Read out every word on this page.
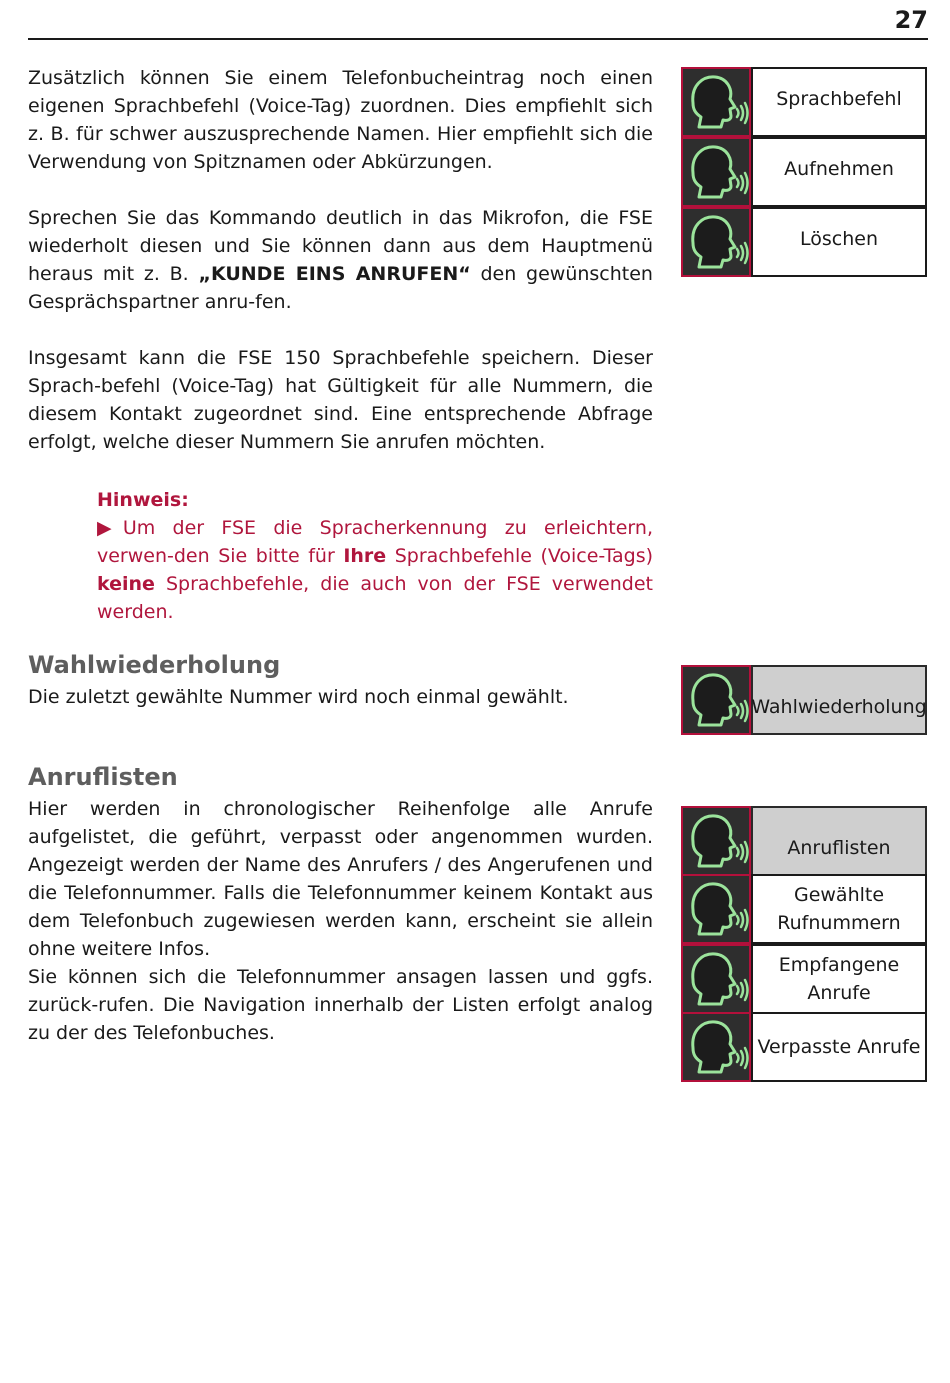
27

Zusätzlich können Sie einem Telefonbucheintrag noch einen eigenen Sprachbefehl (Voice-Tag) zuordnen. Dies empfiehlt sich z. B. für schwer auszusprechende Namen. Hier empfiehlt sich die Verwendung von Spitznamen oder Abkürzungen.

Sprechen Sie das Kommando deutlich in das Mikrofon, die FSE wiederholt diesen und Sie können dann aus dem Hauptmenü heraus mit z. B. „KUNDE EINS ANRUFEN“ den gewünschten Gesprächspartner anru-fen.

Insgesamt kann die FSE 150 Sprachbefehle speichern. Dieser Sprach-befehl (Voice-Tag) hat Gültigkeit für alle Nummern, die diesem Kontakt zugeordnet sind. Eine entsprechende Abfrage erfolgt, welche dieser Nummern Sie anrufen möchten.

Hinweis:

▶Um der FSE die Spracherkennung zu erleichtern, verwen-den Sie bitte für Ihre Sprachbefehle (Voice-Tags) keine Sprachbefehle, die auch von der FSE verwendet werden.

Wahlwiederholung

Die zuletzt gewählte Nummer wird noch einmal gewählt.

Anruflisten

Hier werden in chronologischer Reihenfolge alle Anrufe aufgelistet, die geführt, verpasst oder angenommen wurden. Angezeigt werden der Name des Anrufers / des Angerufenen und die Telefonnummer. Falls die Telefonnummer keinem Kontakt aus dem Telefonbuch zugewiesen werden kann, erscheint sie allein ohne weitere Infos.

Sie können sich die Telefonnummer ansagen lassen und ggfs. zurück-rufen. Die Navigation innerhalb der Listen erfolgt analog zu der des Telefonbuches.

Sprachbefehl
Aufnehmen
Löschen
Wahlwiederholung
Anruflisten
Gewählte Rufnummern
Empfangene Anrufe
Verpasste Anrufe
